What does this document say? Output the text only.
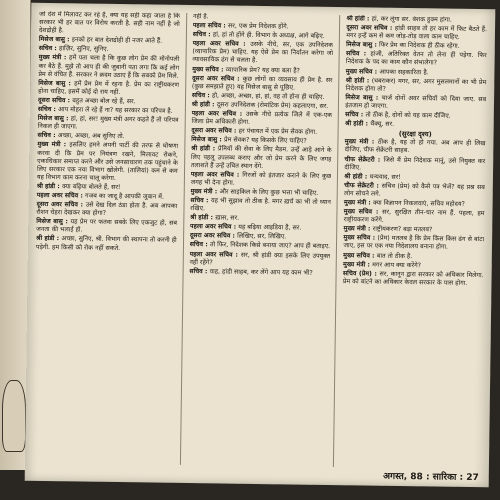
जो देश में मिलावट कर रहे हैं, क्या यह सही कहा जाता है कि सरकार भी हर बात पर विरोध करती है. सही नाम नहीं है जो देशद्रोही है.

मिसेज बासु : इनको हर बात देशद्रोही ही नजर आते हैं.

सचिव : हाज़िर, सुनिए, सुनिए.

मुख्य मंत्री : हमें पता चला है कि कुछ लोग प्रेम की मोनोपली कर बैठे हैं. मुझे तो आप ही की जुबानी पता लगा कि कई लोग प्रेम से वंचित हैं. सरकार ने क़दम उठाए हैं कि सबको प्रेम मिले.

मिसेज बासु : हमें प्रेम प्रेम में रहना है. प्रेम का राष्ट्रीयकरण होना चाहिए, इसमें कोई दो राय नहीं.

दूसरा सचिव : बहुत अच्छा बोल रहे हैं, सर.

सचिव : आप मोहरा ले रहे हैं ना? यह सरकार का परिपत्र है.

मिसेज बासु : हां, हां, सर! मुख्य मंत्री अगर कहते हैं तो परिपत्र निकल ही जाएगा.

सचिव : अच्छा, अच्छा, अब सुनिए तो.

मुख्य मंत्री : इसलिए हमने अपनी पार्टी की तरफ से घोषणा करवा दी कि प्रेम पर नियंत्रण रखने, मिलावट रोकने, एकाधिकार समाप्त करने और उसे जनसाधारण तक पहुंचाने के लिए सरकार एक नया विभाग खोलेगी. (तालियां) कम से कम यह विभाग काम करना चालू करेगा.

श्री हांडी : क्या बढ़िया बोलते हैं, सर!

पहला अवर सचिव : गजब का जादू है आपकी जुबान में.

दूसरा अवर सचिव : उसे देख दिल ठंडा होता है. अब आपका रौशन चेहरा देखकर क्या होगा?

मिसेज बासु : यह प्रेम पर फतवा सबके लिए एकजुट हो, सब जनता की भलाई हो.

श्री हांडी : अच्छा, सुनिए, श्री. विभाग की स्थापना तो करनी ही पड़ेगी. हम किसी को रोक नहीं सकते.

नहीं है.

पहला सचिव : सर, एक प्रेम निदेशक होंगे.

सचिव : हां, हां तो होंगे ही. विभाग के अध्यक्ष, आगे बढ़िए.

पहला अवर सचिव : उसके नीचे, सर, एक उपनिदेशक (व्यापारिक प्रेम) चाहिए. यह ऐसे प्रेम का निर्यातन करेगा जो व्यावसायिक ढंग से चलता है.

मुख्य सचिव : व्यापारिक प्रेम? यह क्या बला है?

दूसरा अवर सचिव : कुछ लोगों का व्यवसाय ही प्रेम है. सर (कुछ समझाते हुए) यह मिसेज बासु से पूछिए.

सचिव : हो, अच्छा, अच्छा, हां, हां, वह तो होना ही चाहिए.

श्री हांडी : दूसरा उपनिदेशक (रोमांटिक प्रेम) कहलाएगा, सर.

पहला अवर सचिव : उसके नीचे प्रत्येक जिले में एक-एक जिला प्रेम अधिकारी होगा.

दूसरा अवर सचिव : हर पंचायत में एक प्रेम सेवक होगा.

मिसेज बासु : प्रेम सेवक? यह किसके लिए चाहिए?

श्री हांडी : प्रेमियों की सेवा के लिए मैडम. उन्हें आड़े आने के लिए पहलू उपलब्ध कराए और जो प्रेम करने के लिए जगह तलाशते हैं उन्हें उचित स्थान देंगे.

पहला अवर सचिव : गिरजों को इंतजार कराने के लिए कुछ जगह भी देना होगा.

मुख्य मंत्री : और साइकिल के लिए कुछ भत्ता भी चाहिए.

सचिव : यह भी सुझाव तो ठीक है. मगर ख़र्च का भी तो ध्यान रखिए.

श्री हांडी : ख़ास, सर.

पहला अवर सचिव : यह बढ़िया आइडिया है, सर.

दूसरा अवर सचिव : लिखिए, सर, लिखिए.

सचिव : तो फिर, निदेशक किसे बनाया जाए? आप ही बताइए.

पहला अवर सचिव : सर, श्री हांडी क्या इसके लिए उपयुक्त नहीं रहेंगे?

सचिव : वाह, हांडी साहब, कर लेंगे आप यह काम भी?

श्री हांडी : हां, कर लूंगा सर. बेशक हुक्म होगा.

दूसरा अवर सचिव : हांडी साहब तो हर काम में फिट बैठते हैं. मगर इन्हें कम से कम जोड़-तोड़ वाला काम चाहिए.

मिसेज बासु : फिर प्रेम का निदेशक ही ठीक रहेगा.

सचिव : हांजी, अतिरिक्त वेतन तो लेना ही पड़ेगा. फिर निदेशक के पद का काम कौन संभालेगा?

मुख्य सचिव : आपका सहकारिता है.

श्री हांडी : (घबराकर) मगर, सर, अगर मुसलमानों का भी प्रेम निदेशक होगा तो?

मिसेज बासु : चार्ज दोनों अवर सचिवों को दिया जाए. सब इंतजाम हो जाएगा.

सचिव : तो ठीक है, दोनों को यह काम दीजिए.

श्री हांडी : थैंक्यू, सर.

(सुरक्षा दृश्य)

मुख्य मंत्री : ठीक है, यह तो हो गया. अब आप ही लिख दीजिए, चीफ सेक्रेटरी साहब.

चीफ सेक्रेटरी : जिसे मैं प्रेम निदेशक मानूं, उसे नियुक्त कर दीजिए.

श्री हांडी : धन्यवाद, सर!

चीफ सेक्रेटरी : सचिव (प्रेम) को कैसे पत्र भेजें? यह प्रश्न सब लोग सोचने लगे.

मुख्य मंत्री : क्या विज्ञापन निकलवाएं, सचिव महोदय?

मुख्य सचिव : सर, सुरक्षित तीन-चार नाम हैं. पहला, हम राष्ट्रीयकरण करेंगे.

मुख्य मंत्री : राष्ट्रीयकरण? बड़ा मतलब?

मुख्य सचिव : (प्रेम) मतलब है कि प्रेम किस किस ढंग से बांटा जाए, इस पर एक नया निदेशालय बनाना होगा.

मुख्य सचिव : बात तो ठीक है.

मुख्य मंत्री : मगर आप क्या करेंगे?

सचिव (प्रेम) : सर, कानून द्वारा सरकार को अधिकार मिलेगा. प्रेम को बांटने का अधिकार केवल सरकार के पास होगा.

अगस्त, 88 : सारिका : 27
